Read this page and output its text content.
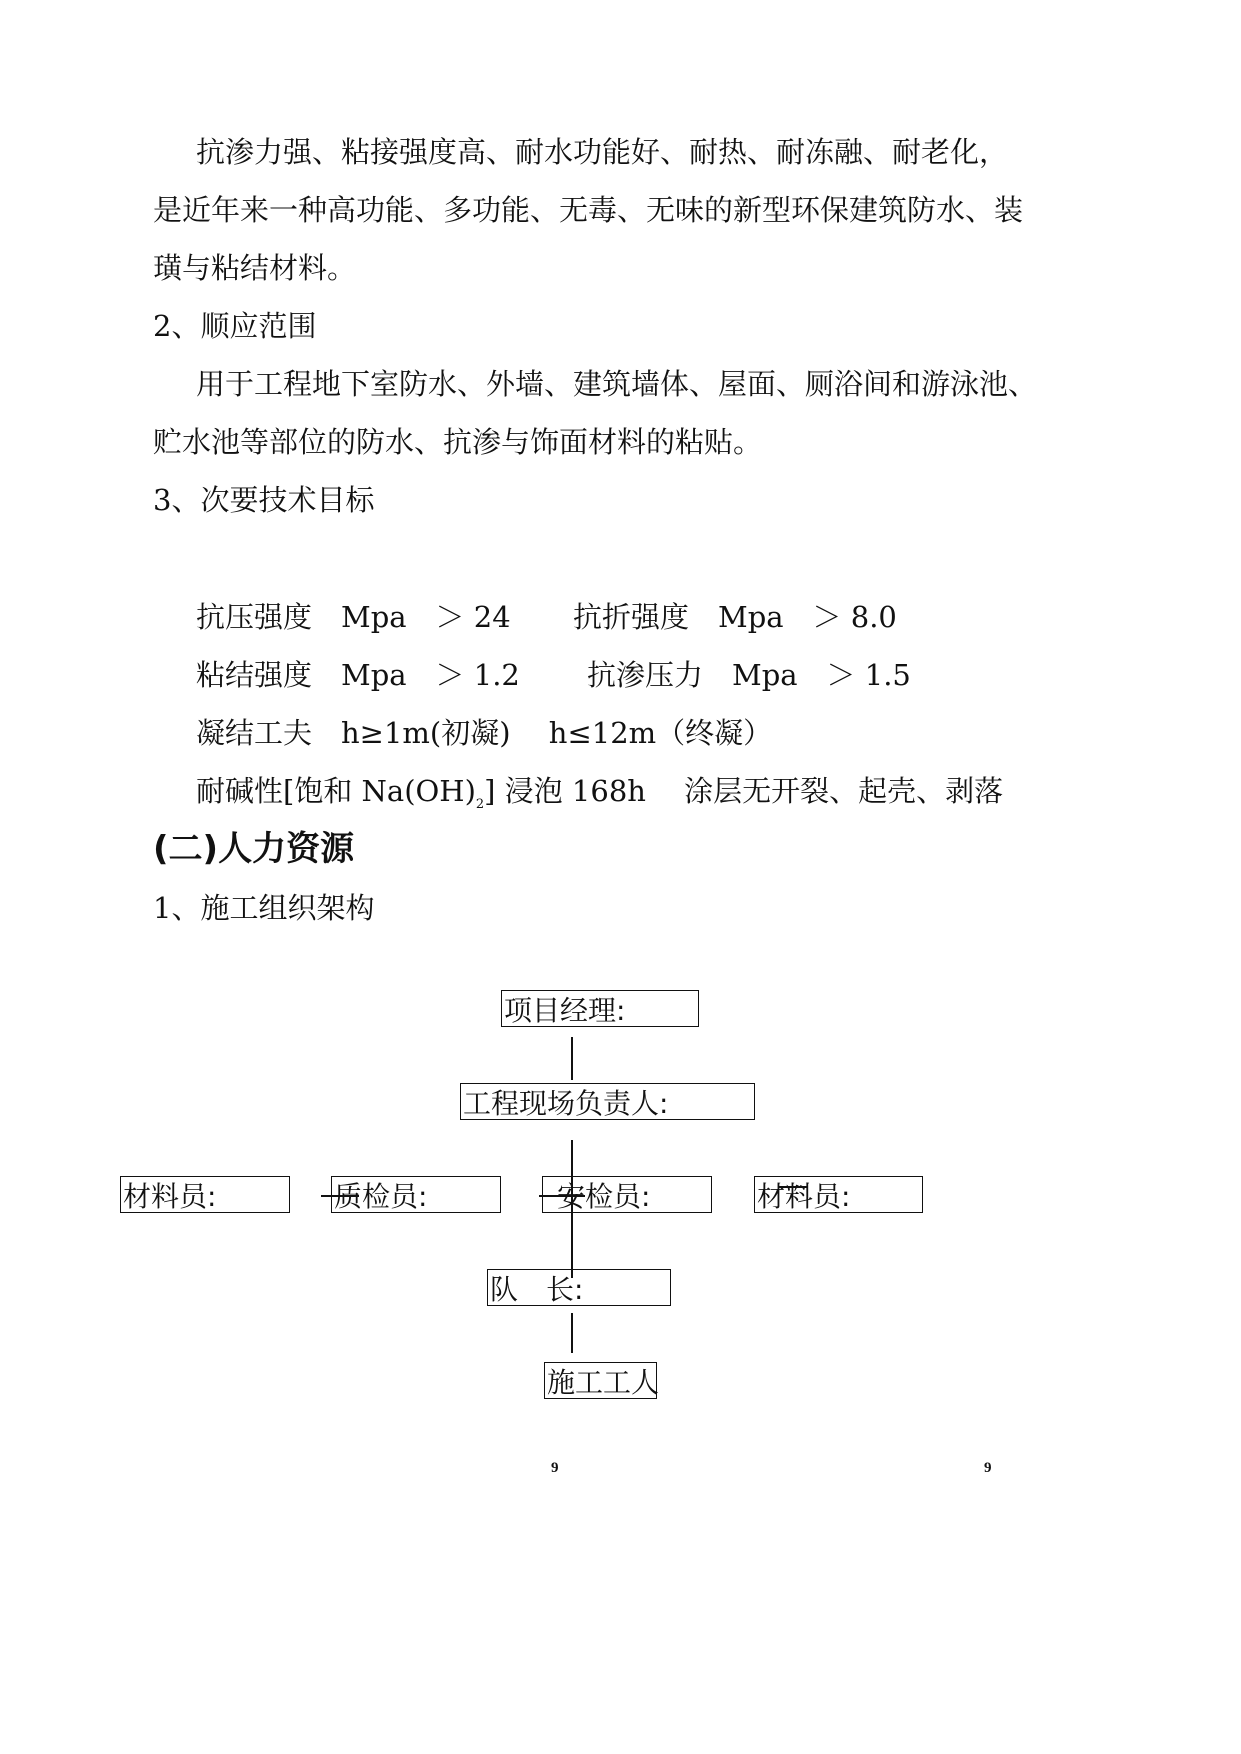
抗渗力强、粘接强度高、耐水功能好、耐热、耐冻融、耐老化，
是近年来一种高功能、多功能、无毒、无味的新型环保建筑防水、装
璜与粘结材料。
2、顺应范围
用于工程地下室防水、外墙、建筑墙体、屋面、厕浴间和游泳池、
贮水池等部位的防水、抗渗与饰面材料的粘贴。
3、次要技术目标
抗压强度　Mpa　＞ 24 抗折强度　Mpa　＞ 8.0
粘结强度　Mpa　＞ 1.2 抗渗压力　Mpa　＞ 1.5
凝结工夫　h≥1m(初凝)　 h≤12m（终凝）
耐碱性[饱和 $Na(OH)_2$] 浸泡 168h　 涂层无开裂、起壳、剥落
(二)人力资源
1、施工组织架构
项目经理:
工程现场负责人:
材料员:	质检员:	安检员:	材料员:
队　长:
施工工人
9	9
